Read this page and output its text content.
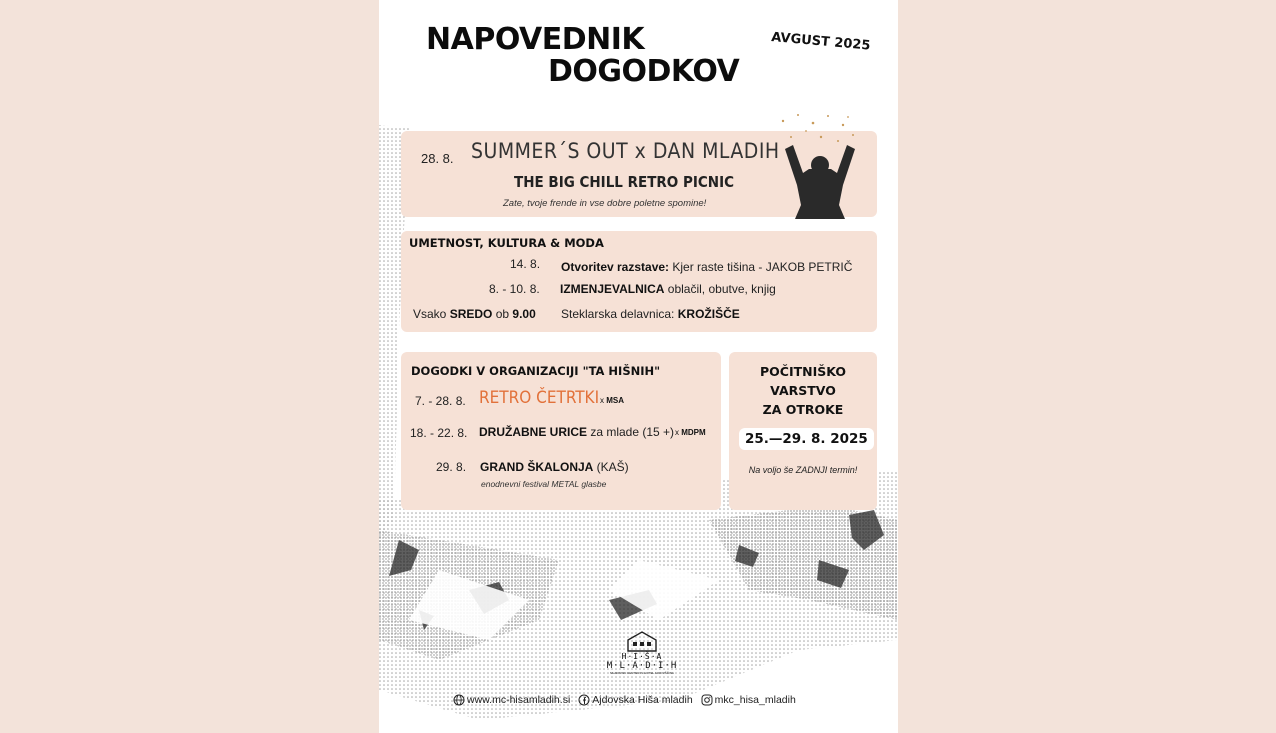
NAPOVEDNIK
DOGODKOV
AVGUST 2025
28. 8. SUMMER´S OUT x DAN MLADIH
THE BIG CHILL RETRO PICNIC
Zate, tvoje frende in vse dobre poletne spomine!
UMETNOST, KULTURA & MODA
14. 8. Otvoritev razstave: Kjer raste tišina - JAKOB PETRIČ
8. - 10. 8. IZMENJEVALNICA oblačil, obutve, knjig
Vsako SREDO ob 9.00 Steklarska delavnica: KROŽIŠČE
DOGODKI V ORGANIZACIJI "TA HIŠNIH"
7. - 28. 8. RETRO ČETRTKI x MSA
18. - 22. 8. DRUŽABNE URICE za mlade (15 +) x MDPM
29. 8. GRAND ŠKALONJA (KAŠ)
enodnevni festival METAL glasbe
POČITNIŠKO
VARSTVO
ZA OTROKE
25.—29. 8. 2025
Na voljo še ZADNJI termin!
H·I·Š·A
M·L·A·D·I·H
MLADINSKI CENTER IN HOTEL AJDOVŠČINA
www.mc-hisamladih.si Ajdovska Hiša mladih mkc_hisa_mladih
